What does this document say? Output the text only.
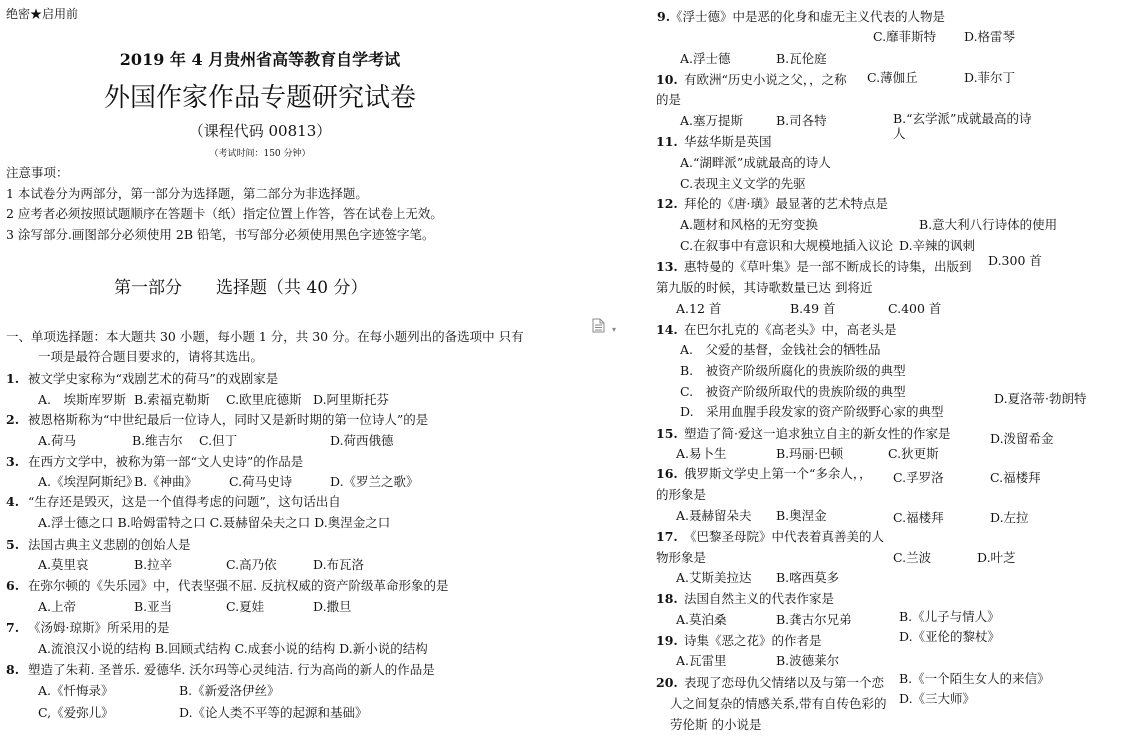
绝密★启用前
2019 年 4 月贵州省高等教育自学考试
外国作家作品专题研究试卷
（课程代码 00813）
（考试时间：150 分钟）
注意事项：
1 本试卷分为两部分，第一部分为选择题，第二部分为非选择题。
2 应考者必须按照试题顺序在答题卡（纸）指定位置上作答，答在试卷上无效。
3 涂写部分.画图部分必须使用 2B 铅笔，书写部分必须使用黑色字迹签字笔。
第一部分　　选择题（共 40 分）
一、单项选择题：本大题共 30 小题，每小题 1 分，共 30 分。在每小题列出的备选项中 只有
一项是最符合题目要求的，请将其选出。
1. 被文学史家称为“戏剧艺术的荷马”的戏剧家是
A.　埃斯库罗斯 B.索福克勒斯 C.欧里庇德斯 D.阿里斯托芬
2. 被恩格斯称为“中世纪最后一位诗人，同时又是新时期的第一位诗人”的是
A.荷马	B.维吉尔 C.但丁	D.荷西俄德
3. 在西方文学中，被称为第一部“文人史诗”的作品是
A.《埃涅阿斯纪》
B.《神曲》	C.荷马史诗	D.《罗兰之歌》
4. “生存还是毁灭，这是一个值得考虑的问题”，这句话出自
A.浮士德之口 B.哈姆雷特之口 C.聂赫留朵夫之口 D.奥涅金之口
5. 法国古典主义悲剧的创始人是
A.莫里哀	B.拉辛	C.高乃依	D.布瓦洛
6. 在弥尔顿的《失乐园》中，代表坚强不屈. 反抗权威的资产阶级革命形象的是
A.上帝	B.亚当	C.夏娃	D.撒旦
7. 《汤姆·琼斯》所采用的是
A.流浪汉小说的结构 B.回顾式结构 C.成套小说的结构 D.新小说的结构
8. 塑造了朱莉. 圣普乐. 爱德华. 沃尔玛等心灵纯洁. 行为高尚的新人的作品是
A.《忏悔录》	B.《新爱洛伊丝》
C,《爱弥儿》	D.《论人类不平等的起源和基础》
▾
9. 《浮士德》中是恶的化身和虚无主义代表的人物是
C.靡菲斯特 D.格雷琴
A.浮士德	B.瓦伦庭
10. 有欧洲“历史小说之父，，之称 C.薄伽丘	D.菲尔丁
的是
A.塞万提斯	B.司各特	B.“玄学派”成就最高的诗
人
11. 华兹华斯是英国
A.“湖畔派”成就最高的诗人
C.表现主义文学的先驱
12. 拜伦的《唐·璜》最显著的艺术特点是
A.题材和风格的无穷变换	B.意大利八行诗体的使用
C.在叙事中有意识和大规模地插入议论 D.辛辣的讽刺
D.300 首
13. 惠特曼的《草叶集》是一部不断成长的诗集，出版到
第九版的时候，其诗歌数量已达 到将近
A.12 首	B.49 首	C.400 首
14. 在巴尔扎克的《高老头》中，高老头是
A.　父爱的基督，金钱社会的牺牲品
B.　被资产阶级所腐化的贵族阶级的典型
C.　被资产阶级所取代的贵族阶级的典型
D.　采用血腥手段发家的资产阶级野心家的典型
D.夏洛蒂·勃朗特
15. 塑造了简·爱这一追求独立自主的新女性的作家是
A.易卜生	B.玛丽·巴顿	C.狄更斯
D.泼留希金
16. 俄罗斯文学史上第一个“多余人，， C.孚罗洛
的形象是
A.聂赫留朵夫 B.奥涅金
C.福楼拜
C.福楼拜	D.左拉
17. 《巴黎圣母院》中代表着真善美的人
物形象是
A.艾斯美拉达 B.喀西莫多
C.兰波	D.叶芝
18. 法国自然主义的代表作家是
A.莫泊桑	B.龚古尔兄弟	B.《儿子与情人》
D.《亚伦的黎杖》
19. 诗集《恶之花》的作者是
A.瓦雷里	B.波德莱尔
20. 表现了恋母仇父情绪以及与第一个恋 B.《一个陌生女人的来信》
人之间复杂的情感关系,带有自传色彩的 D.《三大师》
劳伦斯 的小说是
